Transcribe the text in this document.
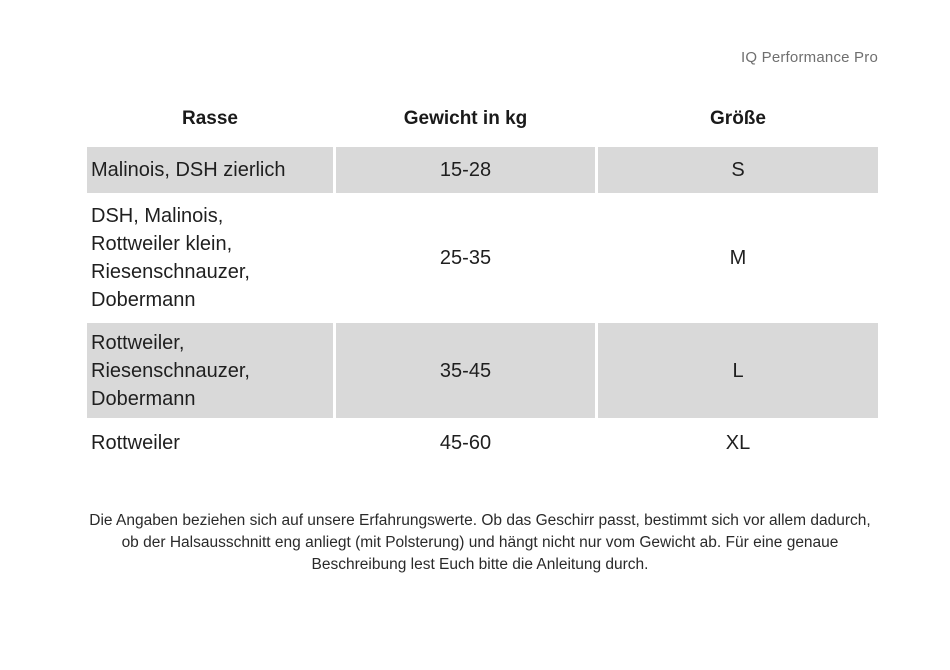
IQ Performance Pro
Rasse	Gewicht in kg	Größe
Malinois, DSH zierlich	15-28	S
DSH, Malinois,
Rottweiler klein,
Riesenschnauzer,
Dobermann
25-35	M
Rottweiler,
Riesenschnauzer,
Dobermann
35-45	L
Rottweiler	45-60	XL
Die Angaben beziehen sich auf unsere Erfahrungswerte. Ob das Geschirr passt, bestimmt sich vor allem dadurch, ob der Halsausschnitt eng anliegt (mit Polsterung) und hängt nicht nur vom Gewicht ab. Für eine genaue Beschreibung lest Euch bitte die Anleitung durch.
